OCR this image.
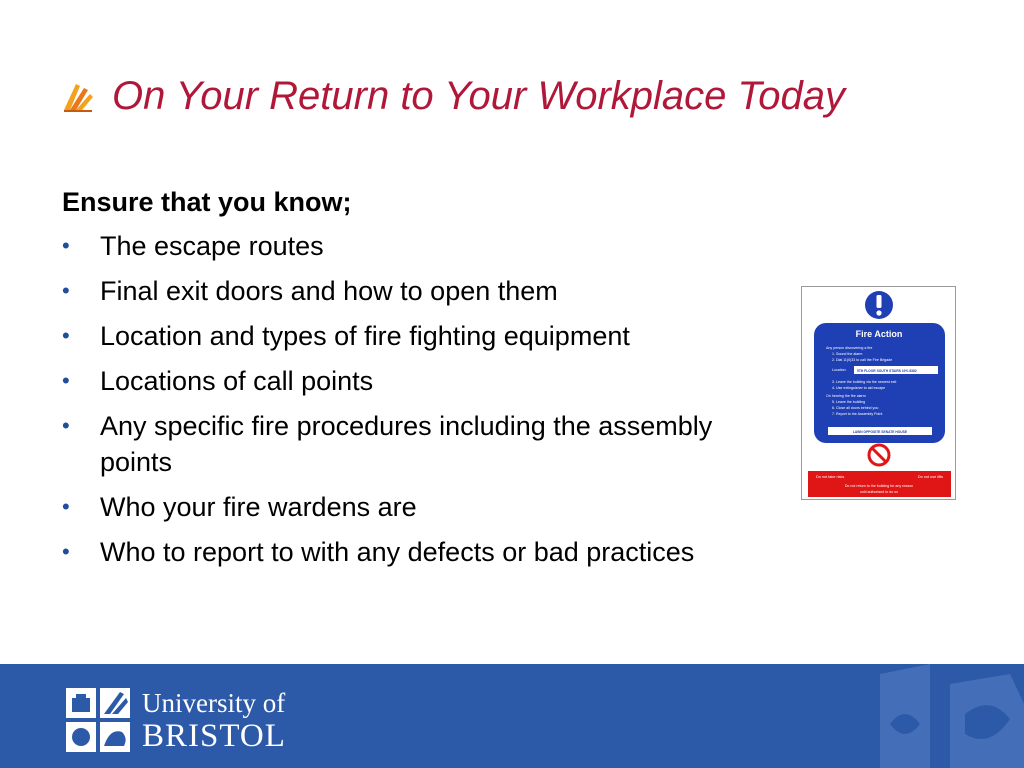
On Your Return to Your Workplace Today
Ensure that you know;
•	The escape routes
•	Final exit doors and how to open them
•	Location and types of fire fighting equipment
•	Locations of call points
•	Any specific fire procedures including the assembly points
•	Who your fire wardens are
•	Who to report to with any defects or bad practices
Fire Action
Any person discovering a fire
1. Sound the alarm
2. Dial 11(0)33 to call the Fire Brigade
Location	5TH FLOOR SOUTH STAIRS 10% 8382
3. Leave the building via the nearest exit
4. Use extinguisher to aid escape
On hearing the fire alarm
5. Leave the building
6. Close all doors behind you
7. Report to the Assembly Point
LAWN OPPOSITE SENATE HOUSE
Do not take risks	Do not use lifts
Do not return to the building for any reason
until authorised to do so
University of
BRISTOL
